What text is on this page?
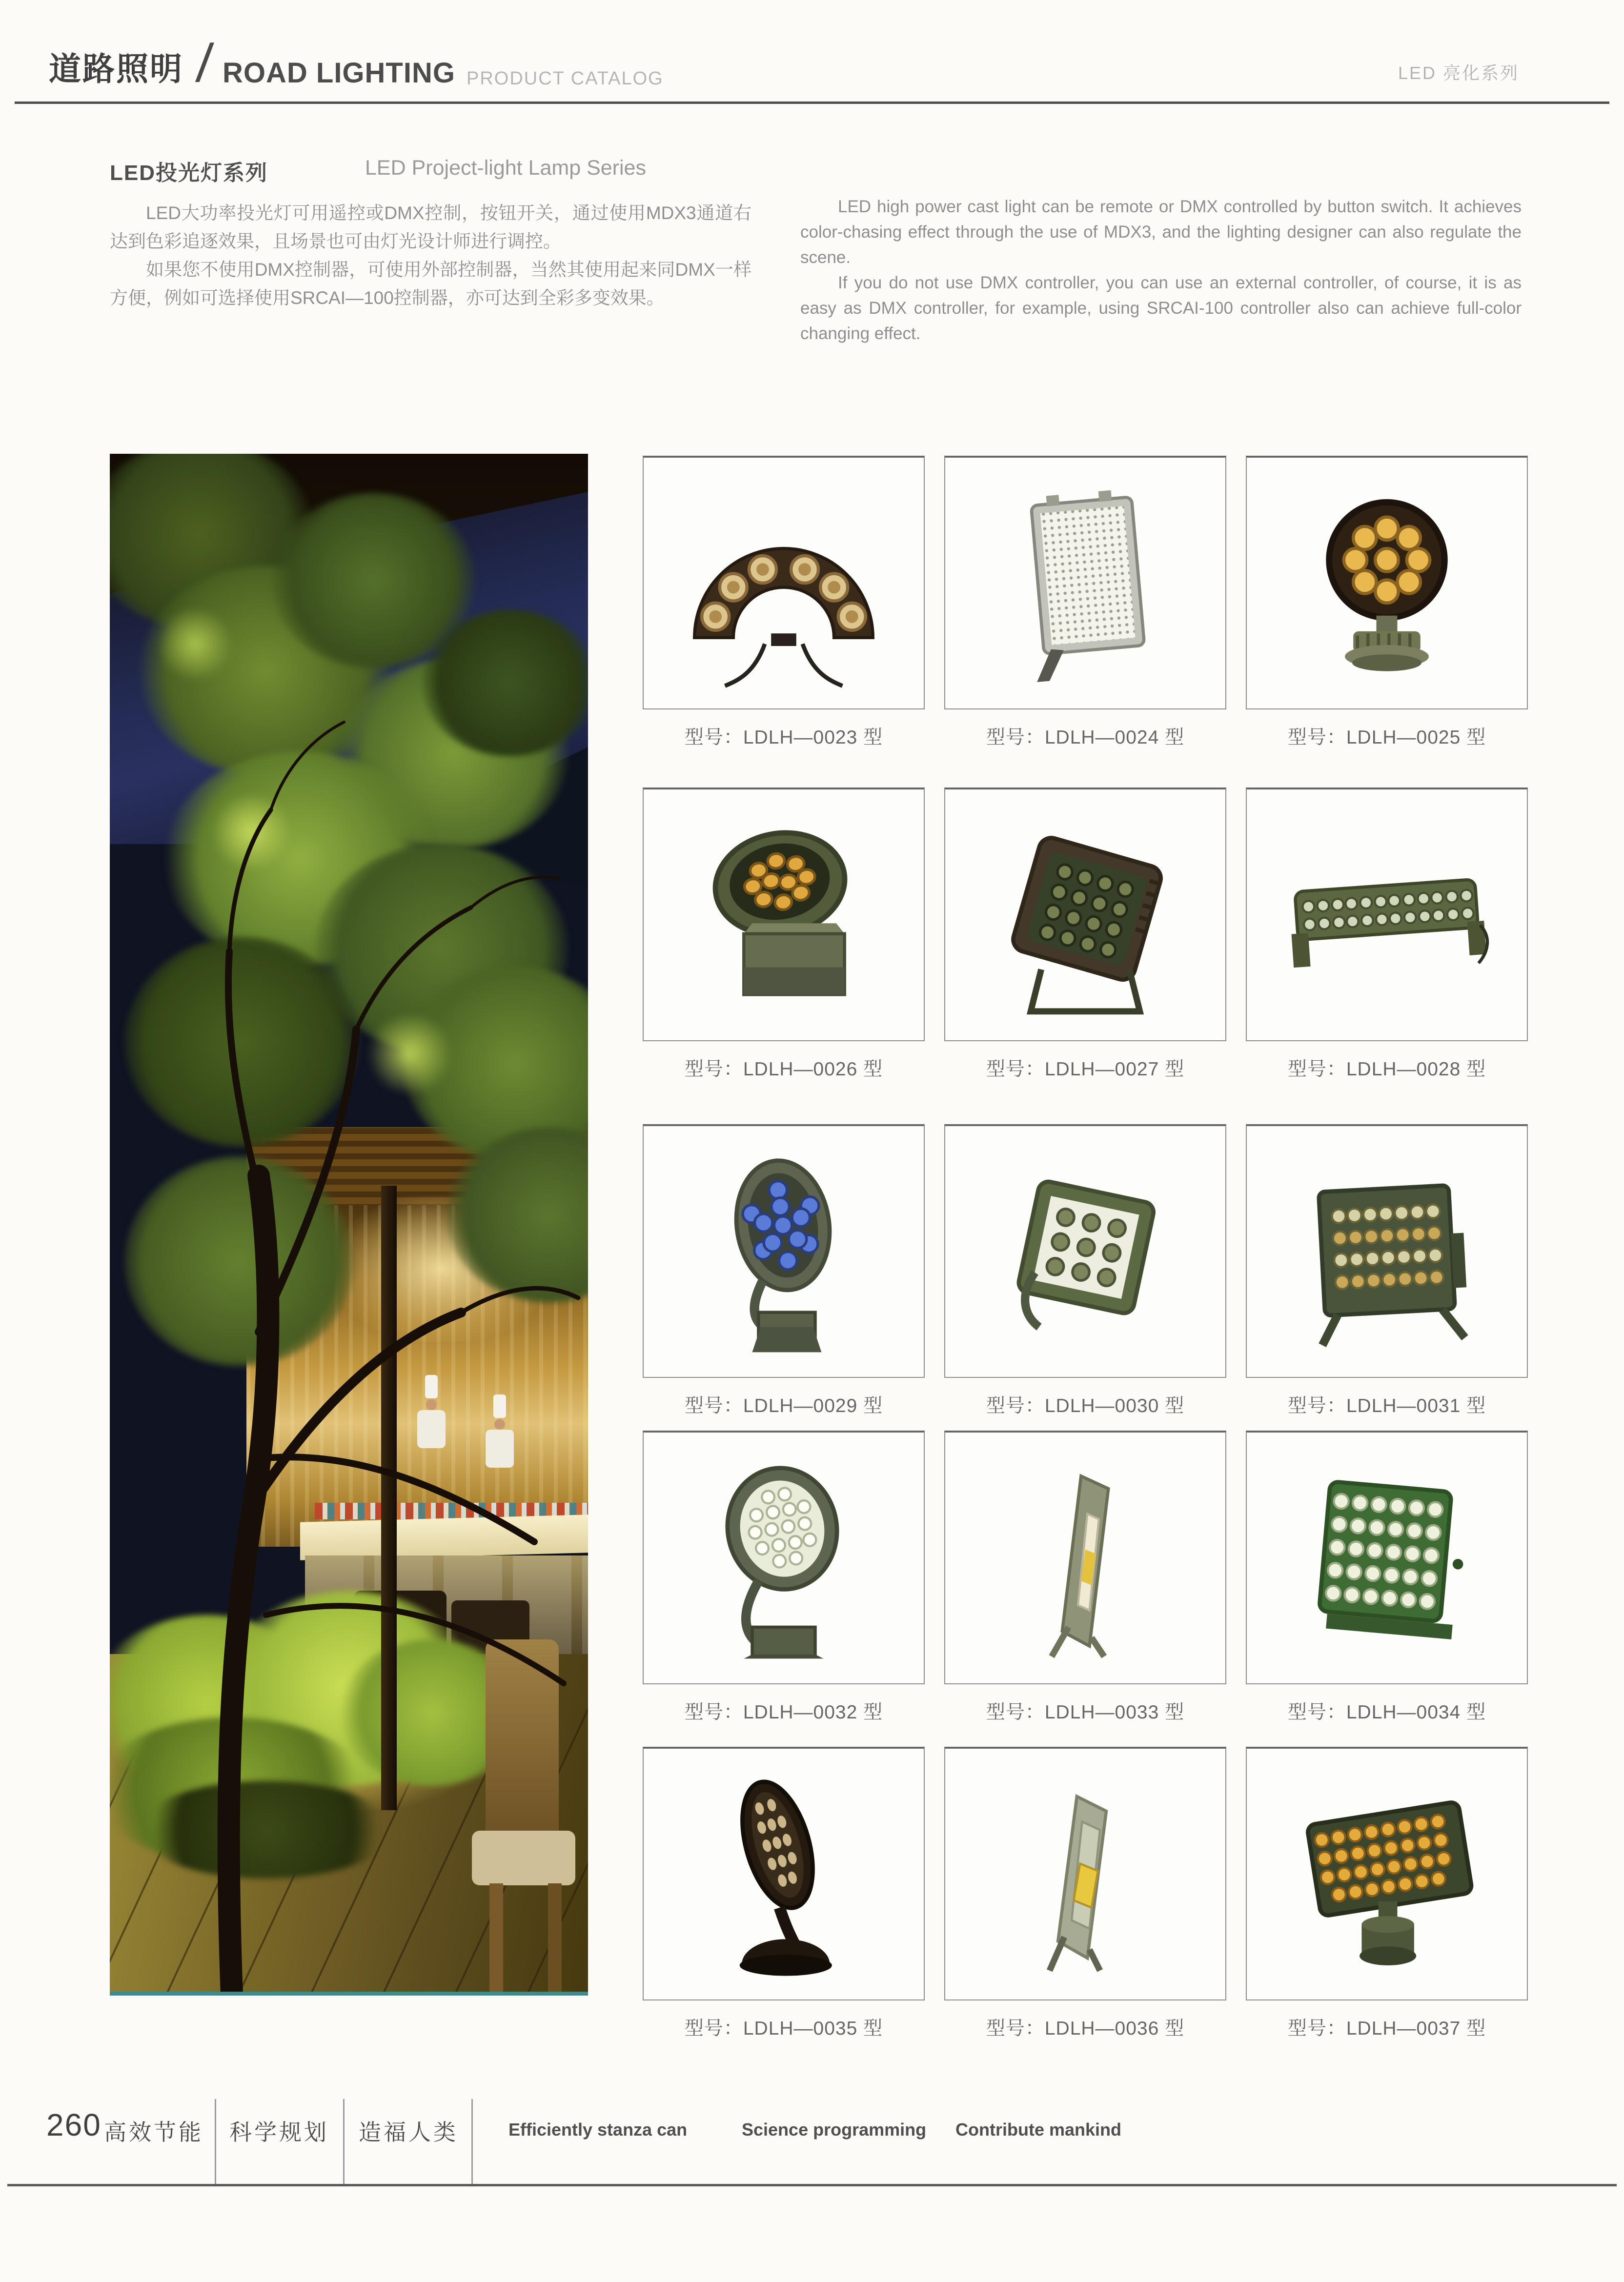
道路照明 / ROAD LIGHTING PRODUCT CATALOG	LED 亮化系列
LED投光灯系列	LED Project-light Lamp Series

LED大功率投光灯可用遥控或DMX控制，按钮开关，通过使用MDX3通道右达到色彩追逐效果，且场景也可由灯光设计师进行调控。

如果您不使用DMX控制器，可使用外部控制器，当然其使用起来同DMX一样方便，例如可选择使用SRCAI—100控制器，亦可达到全彩多变效果。

LED high power cast light can be remote or DMX controlled by button switch. It achieves color-chasing effect through the use of MDX3, and the lighting designer can also regulate the scene.

If you do not use DMX controller, you can use an external controller, of course, it is as easy as DMX controller, for example, using SRCAI-100 controller also can achieve full-color changing effect.

型号：LDLH—0023 型	型号：LDLH—0024 型	型号：LDLH—0025 型
型号：LDLH—0026 型	型号：LDLH—0027 型	型号：LDLH—0028 型
型号：LDLH—0029 型	型号：LDLH—0030 型	型号：LDLH—0031 型
型号：LDLH—0032 型	型号：LDLH—0033 型	型号：LDLH—0034 型
型号：LDLH—0035 型	型号：LDLH—0036 型	型号：LDLH—0037 型
260 高效节能 科学规划 造福人类	Efficiently stanza can	Science programming Contribute mankind
